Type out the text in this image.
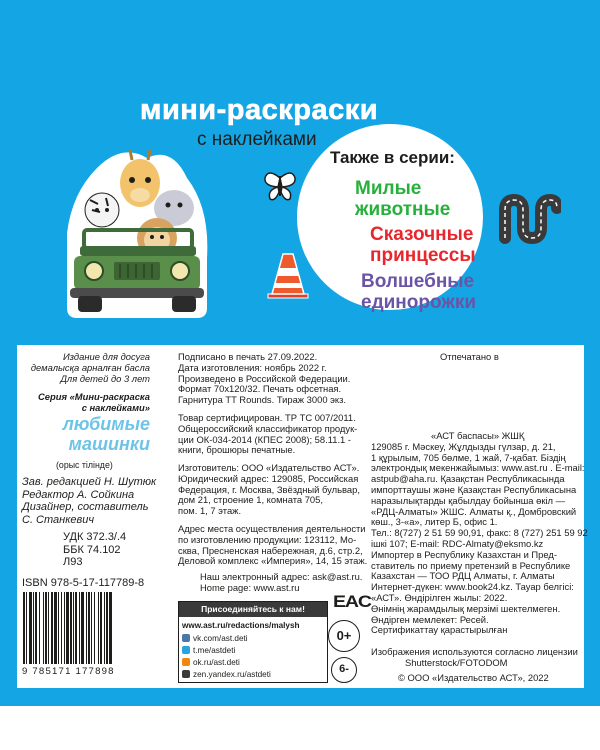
мини-раскраски
с наклейками
Также в серии:
Милые
животные
Сказочные
принцессы
Волшебные
единорожки
Издание для досуга
демалысқа арналған басла
Для детей до 3 лет
Серия «Мини-раскраска
с наклейками»
любимые
машинки
(орыс тілінде)
Зав. редакцией Н. Шутюк
Редактор А. Сойкина
Дизайнер, составитель
С. Станкевич
УДК 372.3/.4
ББК 74.102
Л93
ISBN 978-5-17-117789-8
9 785171 177898
Подписано в печать 27.09.2022.
Дата изготовления: ноябрь 2022 г.
Произведено в Российской Федерации.
Формат 70x120/32. Печать офсетная.
Гарнитура TT Rounds. Тираж 3000 экз.
Товар сертифицирован. ТР ТС 007/2011.
Общероссийский классификатор продук-
ции ОК-034-2014 (КПЕС 2008); 58.11.1 -
книги, брошюры печатные.
Изготовитель: ООО «Издательство АСТ».
Юридический адрес: 129085, Российская
Федерация, г. Москва, Звёздный бульвар,
дом 21, строение 1, комната 705,
пом. 1, 7 этаж.
Адрес места осуществления деятельности
по изготовлению продукции: 123112, Мо-
сква, Пресненская набережная, д.6, стр.2,
Деловой комплекс «Империя», 14, 15 этаж.
Наш электронный адрес: ask@ast.ru.
Home page: www.ast.ru
Присоединяйтесь к нам!
www.ast.ru/redactions/malysh
vk.com/ast.deti
t.me/astdeti
ok.ru/ast.deti
zen.yandex.ru/astdeti
EAC
0+
6-
Отпечатано в
«АСТ баспасы» ЖШҚ
129085 г. Мәскеу, Жұлдызды гүлзар, д. 21,
1 құрылым, 705 бөлме, 1 жай, 7-қабат. Біздің
электрондық мекенжайымыз: www.ast.ru . E-mail:
astpub@aha.ru. Қазақстан Республикасында
импорттаушы және Қазақстан Республикасына
наразылықтарды қабылдау бойынша өкіл —
«РДЦ-Алматы» ЖШС. Алматы қ., Домбровский
көш., 3-«а», литер Б, офис 1.
Тел.: 8(727) 2 51 59 90,91, факс: 8 (727) 251 59 92
ішкі 107; E-mail: RDC-Almaty@eksmo.kz
Импортер в Республику Казахстан и Пред-
ставитель по приему претензий в Республике
Казахстан — ТОО РДЦ Алматы, г. Алматы
Интернет-дүкен: www.book24.kz. Тауар белгісі:
«АСТ». Өндірілген жылы: 2022.
Өнімнің жарамдылық мерзімі шектелмеген.
Өндірген мемлекет: Ресей.
Сертификаттау қарастырылған
Изображения используются согласно лицензии
Shutterstock/FOTODOM
© ООО «Издательство АСТ», 2022
